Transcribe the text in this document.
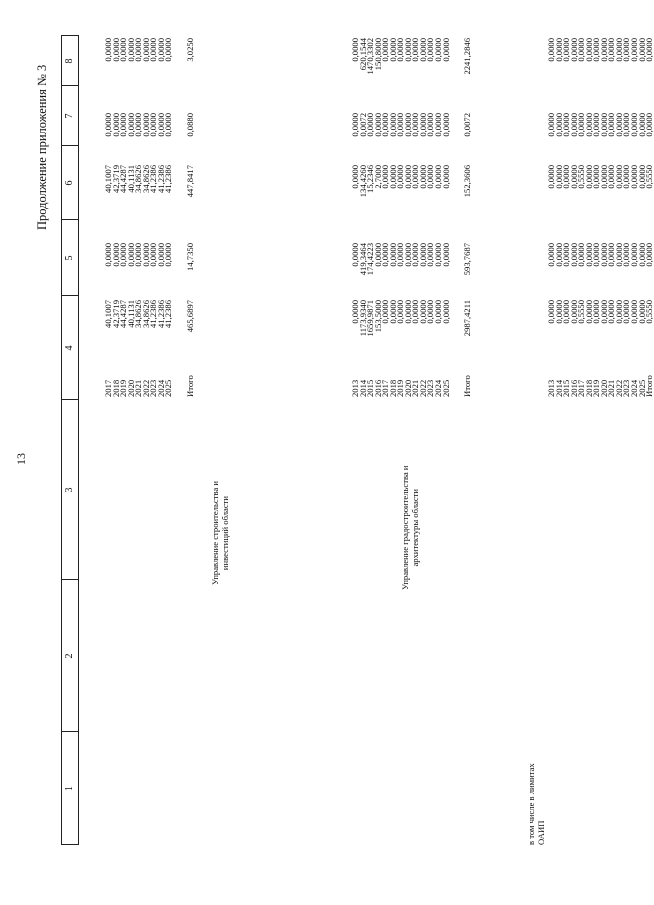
13
Продолжение приложения № 3
1
2
3
4
5
6
7
8
2017
2018
2019
2020
2021
2022
2023
2024
2025
40,1007
42,3719
44,4287
40,1131
34,8626
34,8626
41,2386
41,2386
41,2386
0,0000
0,0000
0,0000
0,0000
0,0000
0,0000
0,0000
0,0000
0,0000
40,1007
42,3719
44,4287
40,1131
34,8626
34,8626
41,2386
41,2386
41,2386
0,0000
0,0000
0,0000
0,0000
0,0000
0,0000
0,0000
0,0000
0,0000
0,0000
0,0000
0,0000
0,0000
0,0000
0,0000
0,0000
0,0000
0,0000
Итого
465,6897
14,7350
447,8417
0,0880
3,0250
2013
2014
2015
2016
2017
2018
2019
2020
2021
2022
2023
2024
2025
0,0000
1173,9340
1659,9871
153,5000
0,0000
0,0000
0,0000
0,0000
0,0000
0,0000
0,0000
0,0000
0,0000
0,0000
419,3464
174,4223
0,0000
0,0000
0,0000
0,0000
0,0000
0,0000
0,0000
0,0000
0,0000
0,0000
0,0000
134,4260
15,2346
2,7000
0,0000
0,0000
0,0000
0,0000
0,0000
0,0000
0,0000
0,0000
0,0000
0,0000
0,0072
0,0000
0,0000
0,0000
0,0000
0,0000
0,0000
0,0000
0,0000
0,0000
0,0000
0,0000
0,0000
620,1544
1470,3302
150,8000
0,0000
0,0000
0,0000
0,0000
0,0000
0,0000
0,0000
0,0000
0,0000
Итого
2987,4211
593,7687
152,3606
0,0072
2241,2846
2013
2014
2015
2016
2017
2018
2019
2020
2021
2022
2023
2024
2025
Итого
0,0000
0,0000
0,0000
0,0000
0,5550
0,0000
0,0000
0,0000
0,0000
0,0000
0,0000
0,0000
0,0000
0,5550
0,0000
0,0000
0,0000
0,0000
0,0000
0,0000
0,0000
0,0000
0,0000
0,0000
0,0000
0,0000
0,0000
0,0000
0,0000
0,0000
0,0000
0,0000
0,5550
0,0000
0,0000
0,0000
0,0000
0,0000
0,0000
0,0000
0,0000
0,5550
0,0000
0,0000
0,0000
0,0000
0,0000
0,0000
0,0000
0,0000
0,0000
0,0000
0,0000
0,0000
0,0000
0,0000
0,0000
0,0000
0,0000
0,0000
0,0000
0,0000
0,0000
0,0000
0,0000
0,0000
0,0000
0,0000
0,0000
0,0000
Управление строительства и инвестиций области	Управление градостроительства и архитектуры области
в том числе в лимитах ОАИП
